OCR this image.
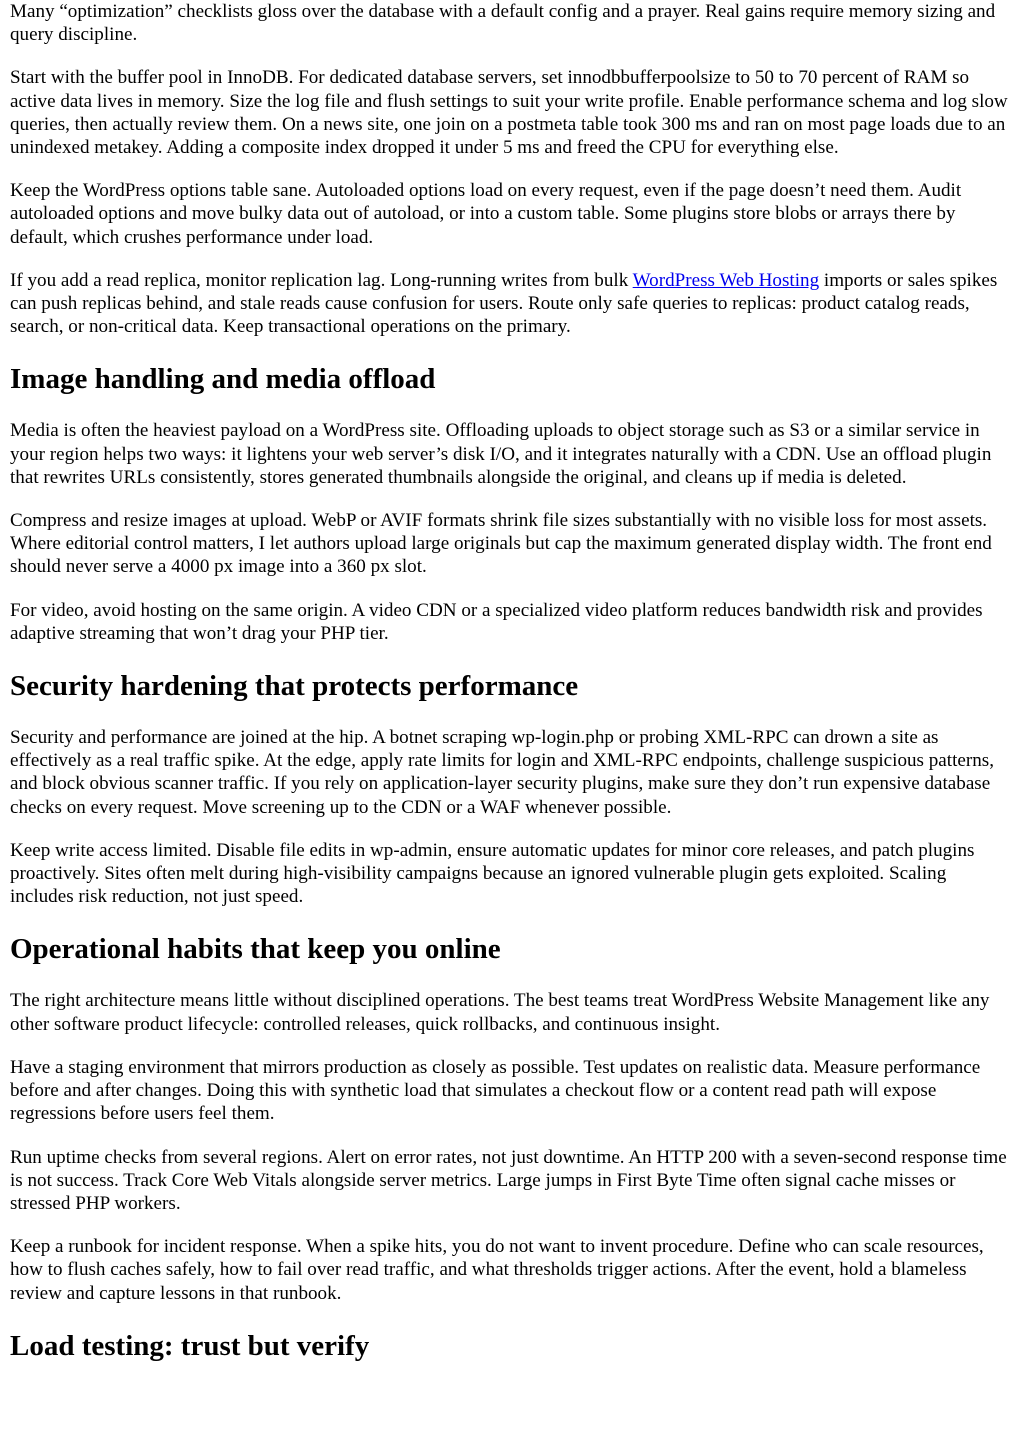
Many “optimization” checklists gloss over the database with a default config and a prayer. Real gains require memory sizing and query discipline.

Start with the buffer pool in InnoDB. For dedicated database servers, set innodbbufferpoolsize to 50 to 70 percent of RAM so active data lives in memory. Size the log file and flush settings to suit your write profile. Enable performance schema and log slow queries, then actually review them. On a news site, one join on a postmeta table took 300 ms and ran on most page loads due to an unindexed metakey. Adding a composite index dropped it under 5 ms and freed the CPU for everything else.

Keep the WordPress options table sane. Autoloaded options load on every request, even if the page doesn’t need them. Audit autoloaded options and move bulky data out of autoload, or into a custom table. Some plugins store blobs or arrays there by default, which crushes performance under load.

If you add a read replica, monitor replication lag. Long-running writes from bulk WordPress Web Hosting imports or sales spikes can push replicas behind, and stale reads cause confusion for users. Route only safe queries to replicas: product catalog reads, search, or non-critical data. Keep transactional operations on the primary.

Image handling and media offload

Media is often the heaviest payload on a WordPress site. Offloading uploads to object storage such as S3 or a similar service in your region helps two ways: it lightens your web server’s disk I/O, and it integrates naturally with a CDN. Use an offload plugin that rewrites URLs consistently, stores generated thumbnails alongside the original, and cleans up if media is deleted.

Compress and resize images at upload. WebP or AVIF formats shrink file sizes substantially with no visible loss for most assets. Where editorial control matters, I let authors upload large originals but cap the maximum generated display width. The front end should never serve a 4000 px image into a 360 px slot.

For video, avoid hosting on the same origin. A video CDN or a specialized video platform reduces bandwidth risk and provides adaptive streaming that won’t drag your PHP tier.

Security hardening that protects performance

Security and performance are joined at the hip. A botnet scraping wp-login.php or probing XML-RPC can drown a site as effectively as a real traffic spike. At the edge, apply rate limits for login and XML-RPC endpoints, challenge suspicious patterns, and block obvious scanner traffic. If you rely on application-layer security plugins, make sure they don’t run expensive database checks on every request. Move screening up to the CDN or a WAF whenever possible.

Keep write access limited. Disable file edits in wp-admin, ensure automatic updates for minor core releases, and patch plugins proactively. Sites often melt during high-visibility campaigns because an ignored vulnerable plugin gets exploited. Scaling includes risk reduction, not just speed.

Operational habits that keep you online

The right architecture means little without disciplined operations. The best teams treat WordPress Website Management like any other software product lifecycle: controlled releases, quick rollbacks, and continuous insight.

Have a staging environment that mirrors production as closely as possible. Test updates on realistic data. Measure performance before and after changes. Doing this with synthetic load that simulates a checkout flow or a content read path will expose regressions before users feel them.

Run uptime checks from several regions. Alert on error rates, not just downtime. An HTTP 200 with a seven-second response time is not success. Track Core Web Vitals alongside server metrics. Large jumps in First Byte Time often signal cache misses or stressed PHP workers.

Keep a runbook for incident response. When a spike hits, you do not want to invent procedure. Define who can scale resources, how to flush caches safely, how to fail over read traffic, and what thresholds trigger actions. After the event, hold a blameless review and capture lessons in that runbook.

Load testing: trust but verify
